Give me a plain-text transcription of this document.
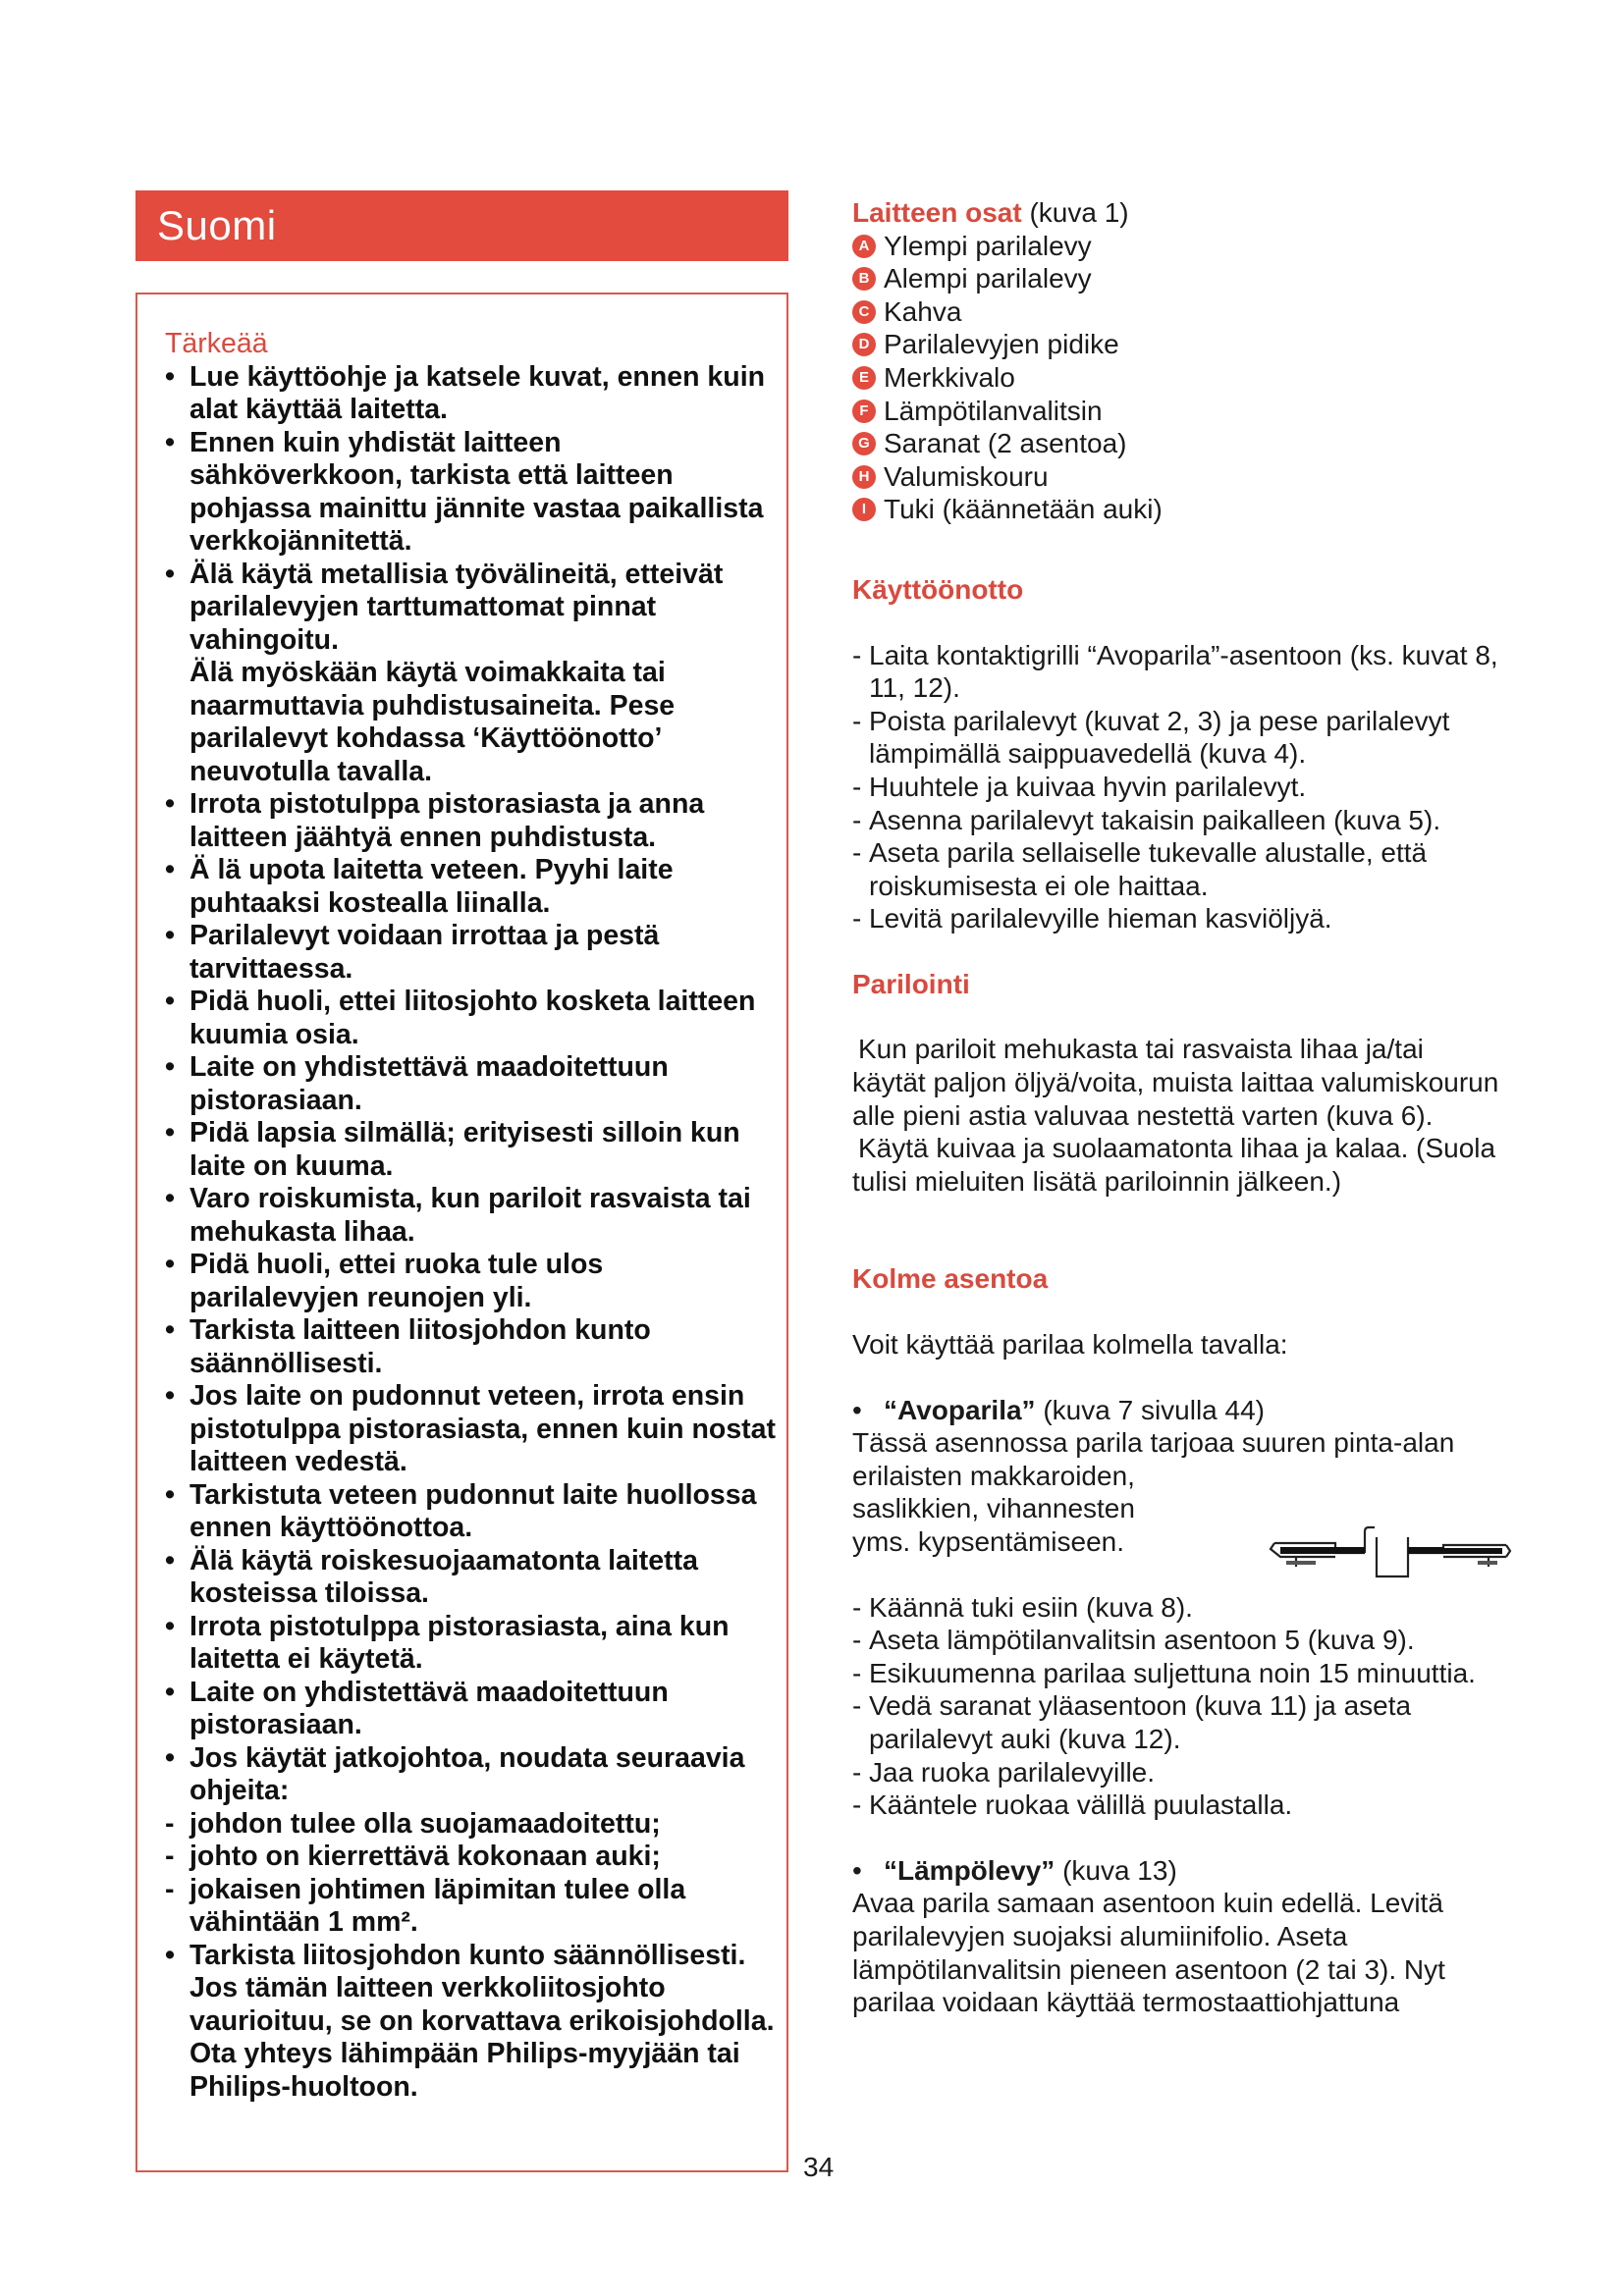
Suomi
Tärkeää
• Lue käyttöohje ja katsele kuvat, ennen kuin alat käyttää laitetta.
• Ennen kuin yhdistät laitteen sähköverkkoon, tarkista että laitteen pohjassa mainittu jännite vastaa paikallista verkkojännitettä.
• Älä käytä metallisia työvälineitä, etteivät parilalevyjen tarttumattomat pinnat vahingoitu.
Älä myöskään käytä voimakkaita tai naarmuttavia puhdistusaineita. Pese parilalevyt kohdassa ‘Käyttöönotto’ neuvotulla tavalla.
• Irrota pistotulppa pistorasiasta ja anna laitteen jäähtyä ennen puhdistusta.
• Ä lä upota laitetta veteen. Pyyhi laite puhtaaksi kostealla liinalla.
• Parilalevyt voidaan irrottaa ja pestä tarvittaessa.
• Pidä huoli, ettei liitosjohto kosketa laitteen kuumia osia.
• Laite on yhdistettävä maadoitettuun pistorasiaan.
• Pidä lapsia silmällä; erityisesti silloin kun laite on kuuma.
• Varo roiskumista, kun pariloit rasvaista tai mehukasta lihaa.
• Pidä huoli, ettei ruoka tule ulos parilalevyjen reunojen yli.
• Tarkista laitteen liitosjohdon kunto säännöllisesti.
• Jos laite on pudonnut veteen, irrota ensin pistotulppa pistorasiasta, ennen kuin nostat laitteen vedestä.
• Tarkistuta veteen pudonnut laite huollossa ennen käyttöönottoa.
• Älä käytä roiskesuojaamatonta laitetta kosteissa tiloissa.
• Irrota pistotulppa pistorasiasta, aina kun laitetta ei käytetä.
• Laite on yhdistettävä maadoitettuun pistorasiaan.
• Jos käytät jatkojohtoa, noudata seuraavia ohjeita:
- johdon tulee olla suojamaadoitettu;
- johto on kierrettävä kokonaan auki;
- jokaisen johtimen läpimitan tulee olla vähintään 1 mm².
• Tarkista liitosjohdon kunto säännöllisesti. Jos tämän laitteen verkkoliitosjohto vaurioituu, se on korvattava erikoisjohdolla. Ota yhteys lähimpään Philips-myyjään tai Philips-huoltoon.
Laitteen osat (kuva 1)
A Ylempi parilalevy
B Alempi parilalevy
C Kahva
D Parilalevyjen pidike
E Merkkivalo
F Lämpötilanvalitsin
G Saranat (2 asentoa)
H Valumiskouru
I Tuki (käännetään auki)
Käyttöönotto
- Laita kontaktigrilli “Avoparila”-asentoon (ks. kuvat 8, 11, 12).
- Poista parilalevyt (kuvat 2, 3) ja pese parilalevyt lämpimällä saippuavedellä (kuva 4).
- Huuhtele ja kuivaa hyvin parilalevyt.
- Asenna parilalevyt takaisin paikalleen (kuva 5).
- Aseta parila sellaiselle tukevalle alustalle, että roiskumisesta ei ole haittaa.
- Levitä parilalevyille hieman kasviöljyä.
Parilointi
Kun pariloit mehukasta tai rasvaista lihaa ja/tai käytät paljon öljyä/voita, muista laittaa valumiskourun alle pieni astia valuvaa nestettä varten (kuva 6).
Käytä kuivaa ja suolaamatonta lihaa ja kalaa. (Suola tulisi mieluiten lisätä pariloinnin jälkeen.)
Kolme asentoa
Voit käyttää parilaa kolmella tavalla:
• “Avoparila” (kuva 7 sivulla 44)
Tässä asennossa parila tarjoaa suuren pinta-alan
erilaisten makkaroiden,
saslikkien, vihannesten
yms. kypsentämiseen.
- Käännä tuki esiin (kuva 8).
- Aseta lämpötilanvalitsin asentoon 5 (kuva 9).
- Esikuumenna parilaa suljettuna noin 15 minuuttia.
- Vedä saranat yläasentoon (kuva 11) ja aseta parilalevyt auki (kuva 12).
- Jaa ruoka parilalevyille.
- Kääntele ruokaa välillä puulastalla.
• “Lämpölevy” (kuva 13)
Avaa parila samaan asentoon kuin edellä. Levitä parilalevyjen suojaksi alumiinifolio. Aseta lämpötilanvalitsin pieneen asentoon (2 tai 3). Nyt parilaa voidaan käyttää termostaattiohjattuna
34
